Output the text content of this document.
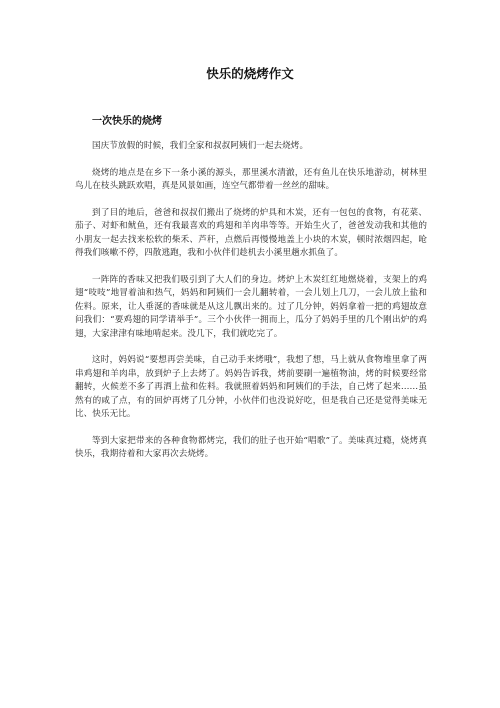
快乐的烧烤作文
一次快乐的烧烤

国庆节放假的时候，我们全家和叔叔阿姨们一起去烧烤。

烧烤的地点是在乡下一条小溪的源头，那里溪水清澈，还有鱼儿在快乐地游动，树林里鸟儿在枝头跳跃欢唱，真是风景如画，连空气都带着一丝丝的甜味。

到了目的地后，爸爸和叔叔们搬出了烧烤的炉具和木炭，还有一包包的食物，有花菜、茄子、对虾和鱿鱼，还有我最喜欢的鸡翅和羊肉串等等。开始生火了，爸爸发动我和其他的小朋友一起去找来松软的柴禾、芦秆，点燃后再慢慢地盖上小块的木炭，顿时浓烟四起，呛得我们咳嗽不停，四散逃跑，我和小伙伴们趁机去小溪里趟水抓鱼了。

一阵阵的香味又把我们吸引到了大人们的身边。烤炉上木炭红红地燃烧着，支架上的鸡翅“吱吱”地冒着油和热气，妈妈和阿姨们一会儿翻转着，一会儿划上几刀，一会儿放上盐和佐料。原来，让人垂涎的香味就是从这儿飘出来的。过了几分钟，妈妈拿着一把的鸡翅故意问我们：“要鸡翅的同学请举手”。三个小伙伴一拥而上，瓜分了妈妈手里的几个刚出炉的鸡翅，大家津津有味地啃起来。没几下，我们就吃完了。

这时，妈妈说“要想再尝美味，自己动手来烤哦”，我想了想，马上就从食物堆里拿了两串鸡翅和羊肉串，放到炉子上去烤了。妈妈告诉我，烤前要刷一遍植物油，烤的时候要经常翻转，火候差不多了再洒上盐和佐料。我就照着妈妈和阿姨们的手法，自己烤了起来……虽然有的咸了点，有的回炉再烤了几分钟，小伙伴们也没说好吃，但是我自己还是觉得美味无比、快乐无比。

等到大家把带来的各种食物都烤完，我们的肚子也开始“唱歌”了。美味真过瘾，烧烤真快乐，我期待着和大家再次去烧烤。
